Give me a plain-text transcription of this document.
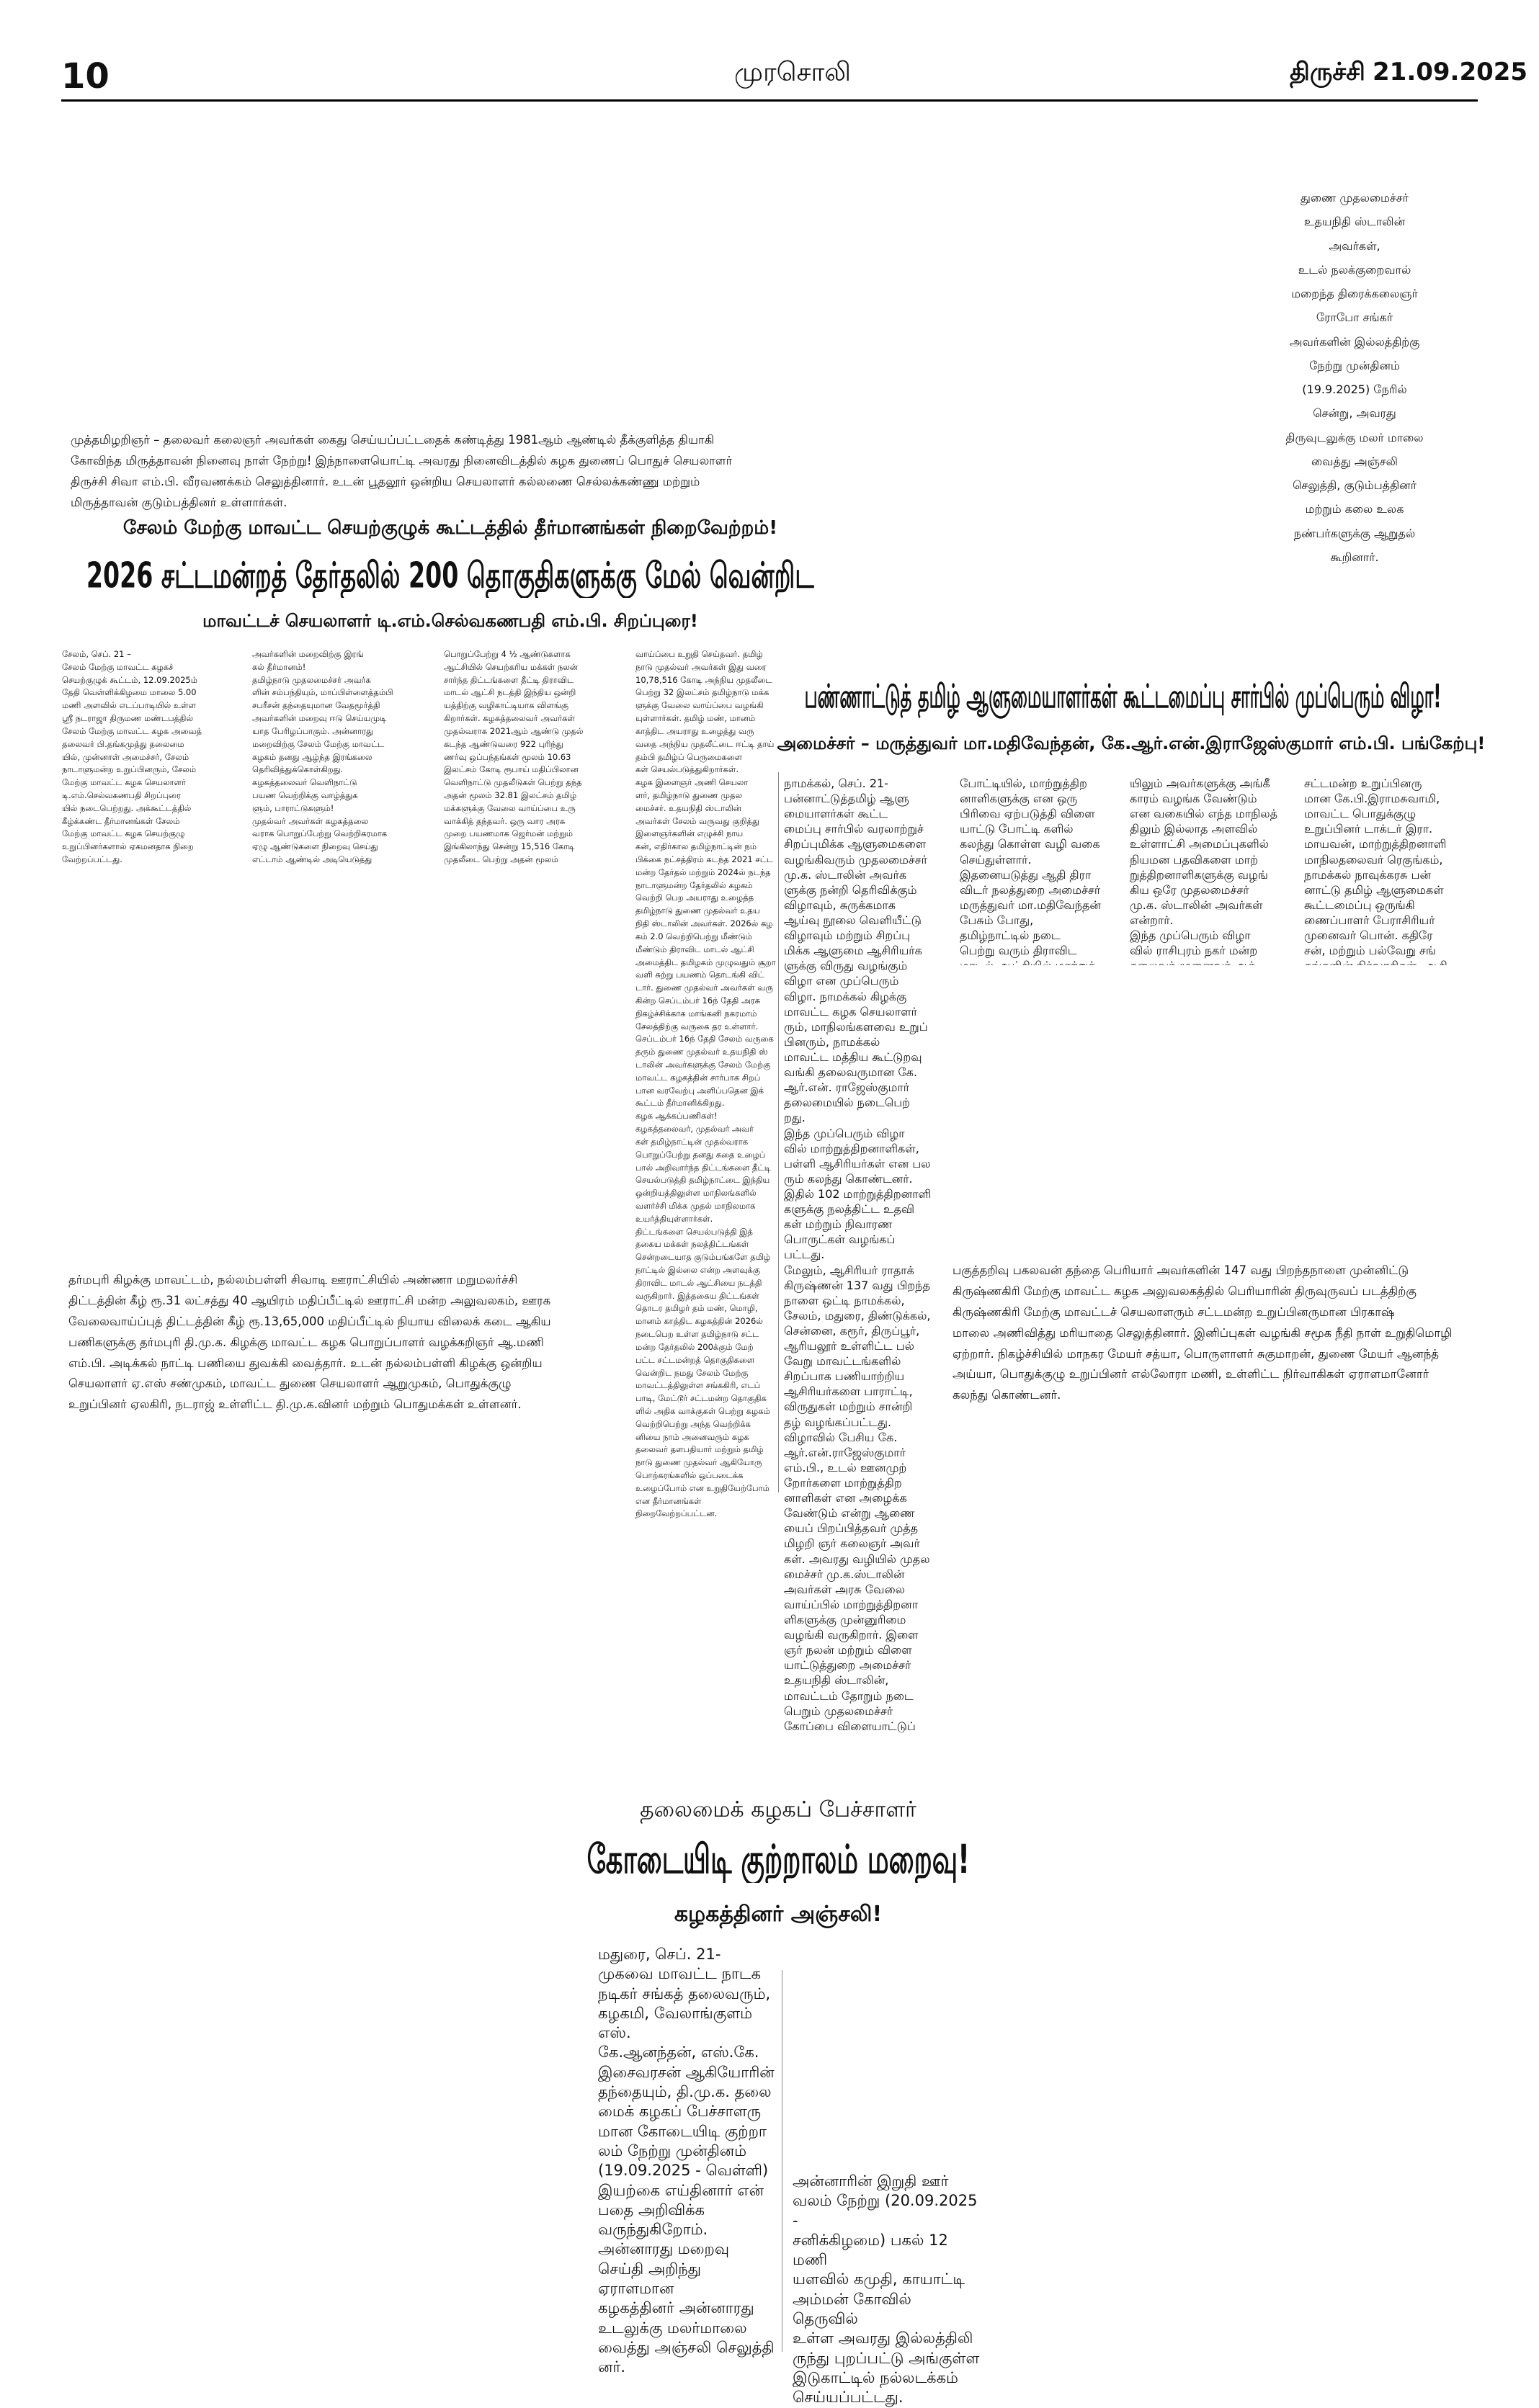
10	முரசொலி	திருச்சி 21.09.2025
துணை முதலமைச்சர்
உதயநிதி ஸ்டாலின்
அவர்கள்,
உடல் நலக்குறைவால்
மறைந்த திரைக்கலைஞர்
ரோபோ சங்கர்
அவர்களின் இல்லத்திற்கு
நேற்று முன்தினம்
(19.9.2025) நேரில்
சென்று, அவரது
திருவுடலுக்கு மலர் மாலை
வைத்து அஞ்சலி
செலுத்தி, குடும்பத்தினர்
மற்றும் கலை உலக
நண்பர்களுக்கு ஆறுதல்
கூறினார்.
முத்தமிழறிஞர் – தலைவர் கலைஞர் அவர்கள் கைது செய்யப்பட்டதைக் கண்டித்து 1981ஆம் ஆண்டில் தீக்குளித்த தியாகி
கோவிந்த மிருத்தாவன் நினைவு நாள் நேற்று! இந்நாளையொட்டி அவரது நினைவிடத்தில் கழக துணைப் பொதுச் செயலாளர்
திருச்சி சிவா எம்.பி. வீரவணக்கம் செலுத்தினார். உடன் பூதலூர் ஒன்றிய செயலாளர் கல்லணை செல்லக்கண்ணு மற்றும்
மிருத்தாவன் குடும்பத்தினர் உள்ளார்கள்.
சேலம் மேற்கு மாவட்ட செயற்குழுக் கூட்டத்தில் தீர்மானங்கள் நிறைவேற்றம்!
2026 சட்டமன்றத் தேர்தலில் 200 தொகுதிகளுக்கு மேல் வென்றிட
மாவட்டச் செயலாளர் டி.எம்.செல்வகணபதி எம்.பி. சிறப்புரை!
சேலம், செப். 21 –
சேலம் மேற்கு மாவட்ட கழகச்
செயற்குழுக் கூட்டம், 12.09.2025ம்
தேதி வெள்ளிக்கிழமை மாலை 5.00
மணி அளவில் எடப்பாடியில் உள்ள
ஸ்ரீ நடராஜா திருமண மண்டபத்தில்
சேலம் மேற்கு மாவட்ட கழக அவைத்
தலைவர் பி.தங்கமுத்து தலைமை
யில், முன்னாள் அமைச்சர், சேலம்
நாடாளுமன்ற உறுப்பினரும், சேலம்
மேற்கு மாவட்ட கழக செயலாளர்
டி.எம்.செல்வகணபதி சிறப்புரை
யில் நடைபெற்றது. அக்கூட்டத்தில்
கீழ்க்கண்ட தீர்மானங்கள் சேலம்
மேற்கு மாவட்ட கழக செயற்குழு
உறுப்பினர்களால் ஏகமனதாக நிறை
வேற்றப்பட்டது.

அவர்களின் மறைவிற்கு இரங்
கல் தீர்மானம்!
தமிழ்நாடு முதலமைச்சர் அவர்க
ளின் சம்பந்தியும், மாப்பிள்ளைத்தம்பி
சபரீசன் தந்தையுமான வேதமூர்த்தி
அவர்களின் மறைவு ஈடு செய்யமுடி
யாத பேரிழப்பாகும். அன்னாரது
மறைவிற்கு சேலம் மேற்கு மாவட்ட
கழகம் தனது ஆழ்ந்த இரங்கலை
தெரிவித்துக்கொள்கிறது.
கழகத்தலைவர் வெளிநாட்டு
பயண வெற்றிக்கு வாழ்த்துக
ளும், பாராட்டுகளும்!
முதல்வர் அவர்கள் கழகத்தலை
வராக பொறுப்பேற்று வெற்றிகரமாக
ஏழு ஆண்டுகளை நிறைவு செய்து
எட்டாம் ஆண்டில் அடியெடுத்து

பொறுப்பேற்று 4 ½ ஆண்டுகளாக
ஆட்சியில் செயற்கரிய மக்கள் நலன்
சார்ந்த திட்டங்களை தீட்டி திராவிட
மாடல் ஆட்சி நடத்தி இந்திய ஒன்றி
யத்திற்கு வழிகாட்டியாக விளங்கு
கிறார்கள். கழகத்தலைவர் அவர்கள்
முதல்வராக 2021ஆம் ஆண்டு முதல்
கடந்த ஆண்டுவரை 922 புரிந்து
ணர்வு ஒப்பந்தங்கள் மூலம் 10.63
இலட்சம் கோடி ரூபாய் மதிப்பிலான
வெளிநாட்டு முதலீடுகள் பெற்று தந்த
அதன் மூலம் 32.81 இலட்சம் தமிழ்
மக்களுக்கு வேலை வாய்ப்பை உரு
வாக்கித் தந்தவர். ஒரு வார அரசு
முறை பயணமாக ஜெர்மன் மற்றும்
இங்கிலாந்து சென்று 15,516 கோடி
முதலீடை பெற்று அதன் மூலம்

வாய்ப்பை உறுதி செய்தவர். தமிழ்
நாடு முதல்வர் அவர்கள் இது வரை
10,78,516 கோடி அந்நிய முதலீடை
பெற்று 32 இலட்சம் தமிழ்நாடு மக்க
ளுக்கு வேலை வாய்ப்பை வழங்கி
யுள்ளார்கள். தமிழ் மண், மானம்
காத்திட அயராது உழைத்து வரு
வதை அந்நிய முதலீட்டை ஈட்டி தாய்
தம்பி தமிழ்ப் பெருமைகளை
கள் செயல்படுத்துகிறார்கள்.
கழக இளைஞர் அணி செயலா
ளர், தமிழ்நாடு துணை முதல
மைச்சர். உதயநிதி ஸ்டாலின்
அவர்கள் சேலம் வருவது குறித்து
இளைஞர்களின் எழுச்சி நாய
கன், எதிர்கால தமிழ்நாட்டின் நம்
பிக்கை நட்சத்திரம் கடந்த 2021 சட்ட
மன்ற தேர்தல் மற்றும் 2024ல் நடந்த
நாடாளுமன்ற தேர்தலில் கழகம்
வெற்றி பெற அயராது உழைத்த
தமிழ்நாடு துணை முதல்வர் உதய
நிதி ஸ்டாலின் அவர்கள். 2026ல் கழ
கம் 2.0 வெற்றிபெற்று மீண்டும்
மீண்டும் திராவிட மாடல் ஆட்சி
அமைத்திட தமிழகம் முழுவதும் சூறா
வளி சுற்று பயணம் தொடங்கி விட்
டார். துணை முதல்வர் அவர்கள் வரு
கின்ற செப்டம்பர் 16ந் தேதி அரசு
நிகழ்ச்சிக்காக மாங்கனி நகரமாம்
சேலத்திற்கு வருகை தர உள்ளார்.
செப்டம்பர் 16ந் தேதி சேலம் வருகை
தரும் துணை முதல்வர் உதயநிதி ஸ்
டாலின் அவர்களுக்கு சேலம் மேற்கு
மாவட்ட கழகத்தின் சார்பாக சிறப்
பான வரவேற்பு அளிப்பதென இக்
கூட்டம் தீர்மானிக்கிறது.
கழக ஆக்கப்பணிகள்!
கழகத்தலைவர், முதல்வர் அவர்
கள் தமிழ்நாட்டின் முதல்வராக
பொறுப்பேற்று தனது கதை உழைப்
பால் அறிவார்ந்த திட்டங்களை தீட்டி
செயல்படுத்தி தமிழ்நாட்டை இந்திய
ஒன்றியத்திலுள்ள மாநிலங்களில்
வளர்ச்சி மிக்க முதல் மாநிலமாக
உயர்த்தியுள்ளார்கள்.
திட்டங்களை செயல்படுத்தி இத்
தகைய மக்கள் நலத்திட்டங்கள்
சென்றடையாத குடும்பங்களே தமிழ்
நாட்டில் இல்லை என்ற அளவுக்கு
திராவிட மாடல் ஆட்சியை நடத்தி
வருகிறார். இத்தகைய திட்டங்கள்
தொடர தமிழர் தம் மண், மொழி,
மானம் காத்திட கழகத்தின் 2026ல்
நடைபெற உள்ள தமிழ்நாடு சட்ட
மன்ற தேர்தலில் 200க்கும் மேற்
பட்ட சட்டமன்றத் தொகுதிகளை
வென்றிட நமது சேலம் மேற்கு
மாவட்டத்திலுள்ள சங்ககிரி, எடப்
பாடி, மேட்டூர் சட்டமன்ற தொகுதிக
ளில் அதிக வாக்குகள் பெற்று கழகம்
வெற்றிபெற்று அந்த வெற்றிக்க
னியை நாம் அனைவரும் கழக
தலைவர் தளபதியார் மற்றும் தமிழ்
நாடு துணை முதல்வர் ஆகியோரு
பொற்கரங்களில் ஒப்படைக்க
உழைப்போம் என உறுதியேற்போம்
என தீர்மானங்கள்
நிறைவேற்றப்பட்டன.
தர்மபுரி கிழக்கு மாவட்டம், நல்லம்பள்ளி சிவாடி ஊராட்சியில் அண்ணா மறுமலர்ச்சி
திட்டத்தின் கீழ் ரூ.31 லட்சத்து 40 ஆயிரம் மதிப்பீட்டில் ஊராட்சி மன்ற அலுவலகம், ஊரக
வேலைவாய்ப்புத் திட்டத்தின் கீழ் ரூ.13,65,000 மதிப்பீட்டில் நியாய விலைக் கடை ஆகிய
பணிகளுக்கு தர்மபுரி தி.மு.க. கிழக்கு மாவட்ட கழக பொறுப்பாளர் வழக்கறிஞர் ஆ.மணி
எம்.பி. அடிக்கல் நாட்டி பணியை துவக்கி வைத்தார். உடன் நல்லம்பள்ளி கிழக்கு ஒன்றிய
செயலாளர் ஏ.எஸ் சண்முகம், மாவட்ட துணை செயலாளர் ஆறுமுகம், பொதுக்குழு
உறுப்பினர் ஏலகிரி, நடராஜ் உள்ளிட்ட தி.மு.க.வினர் மற்றும் பொதுமக்கள் உள்ளனர்.
பண்ணாட்டுத் தமிழ் ஆளுமையாளர்கள் கூட்டமைப்பு சார்பில் முப்பெரும் விழா!
அமைச்சர் – மருத்துவர் மா.மதிவேந்தன், கே.ஆர்.என்.இராஜேஸ்குமார் எம்.பி. பங்கேற்பு!
நாமக்கல், செப். 21-
பன்னாட்டுத்தமிழ் ஆளு
மையாளர்கள் கூட்ட
மைப்பு சார்பில் வரலாற்றுச்
சிறப்புமிக்க ஆளுமைகளை
வழங்கிவரும் முதலமைச்சர்
மு.க. ஸ்டாலின் அவர்க
ளுக்கு நன்றி தெரிவிக்கும்
விழாவும், சுருக்கமாக
ஆய்வு நூலை வெளியீட்டு
விழாவும் மற்றும் சிறப்பு
மிக்க ஆளுமை ஆசிரியர்க
ளுக்கு விருது வழங்கும்
விழா என முப்பெரும்
விழா. நாமக்கல் கிழக்கு
மாவட்ட கழக செயலாளர்
ரும், மாநிலங்களவை உறுப்
பினரும், நாமக்கல்
மாவட்ட மத்திய கூட்டுறவு
வங்கி தலைவருமான கே.
ஆர்.என். ராஜேஸ்குமார்
தலைமையில் நடைபெற்
றது.
இந்த முப்பெரும் விழா
வில் மாற்றுத்திறனாளிகள்,
பள்ளி ஆசிரியர்கள் என பல
ரும் கலந்து கொண்டனர்.
இதில் 102 மாற்றுத்திறனாளி
களுக்கு நலத்திட்ட உதவி
கள் மற்றும் நிவாரண
பொருட்கள் வழங்கப்
பட்டது.
மேலும், ஆசிரியர் ராதாக்
கிருஷ்ணன் 137 வது பிறந்த
நாளை ஒட்டி நாமக்கல்,
சேலம், மதுரை, திண்டுக்கல்,
சென்னை, கரூர், திருப்பூர்,
ஆரியலூர் உள்ளிட்ட பல்
வேறு மாவட்டங்களில்
சிறப்பாக பணியாற்றிய
ஆசிரியர்களை பாராட்டி,
விருதுகள் மற்றும் சான்றி
தழ் வழங்கப்பட்டது.
விழாவில் பேசிய கே.
ஆர்.என்.ராஜேஸ்குமார்
எம்.பி., உடல் ஊனமுற்
றோர்களை மாற்றுத்திற
னாளிகள் என அழைக்க
வேண்டும் என்று ஆணை
யைப் பிறப்பித்தவர் முத்த
மிழறி ஞர் கலைஞர் அவர்
கள். அவரது வழியில் முதல
மைச்சர் மு.க.ஸ்டாலின்
அவர்கள் அரசு வேலை
வாய்ப்பில் மாற்றுத்திறனா
ளிகளுக்கு முன்னுரிமை
வழங்கி வருகிறார். இளை
ஞர் நலன் மற்றும் விளை
யாட்டுத்துறை அமைச்சர்
உதயநிதி ஸ்டாலின்,
மாவட்டம் தோறும் நடை
பெறும் முதலமைச்சர்
கோப்பை விளையாட்டுப்
போட்டியில், மாற்றுத்திற
னாளிகளுக்கு என ஒரு
பிரிவை ஏற்படுத்தி விளை
யாட்டு போட்டி களில்
கலந்து கொள்ள வழி வகை
செய்துள்ளார்.
இதனையடுத்து ஆதி திரா
விடர் நலத்துறை அமைச்சர்
மருத்துவர் மா.மதிவேந்தன்
பேசும் போது,
தமிழ்நாட்டில் நடை
பெற்று வரும் திராவிட

யிலும் அவர்களுக்கு அங்கீ
காரம் வழங்க வேண்டும்
என வகையில் எந்த மாநிலத்
திலும் இல்லாத அளவில்
உள்ளாட்சி அமைப்புகளில்
நியமன பதவிகளை மாற்
றுத்திறனாளிகளுக்கு வழங்
கிய ஒரே முதலமைச்சர்
மு.க. ஸ்டாலின் அவர்கள்
என்றார்.
இந்த முப்பெரும் விழா
வில் ராசிபுரம் நகர் மன்ற

சட்டமன்ற உறுப்பினரு
மான கே.பி.இராமசுவாமி,
மாவட்ட பொதுக்குழு
உறுப்பினர் டாக்டர் இரா.
மாயவன், மாற்றுத்திறனாளி
மாநிலதலைவர் ரெகுங்கம்,
நாமக்கல் நாவுக்கரசு பன்
னாட்டு தமிழ் ஆளுமைகள்
கூட்டமைப்பு ஒருங்கி
ணைப்பாளர் பேராசிரியர்
முனைவர் பொன். கதிரே
சன், மற்றும் பல்வேறு சங்

பகுத்தறிவு பகலவன் தந்தை பெரியார் அவர்களின் 147 வது பிறந்தநாளை முன்னிட்டு
கிருஷ்ணகிரி மேற்கு மாவட்ட கழக அலுவலகத்தில் பெரியாரின் திருவுருவப் படத்திற்கு
கிருஷ்ணகிரி மேற்கு மாவட்டச் செயலாளரும் சட்டமன்ற உறுப்பினருமான பிரகாஷ்
மாலை அணிவித்து மரியாதை செலுத்தினார். இனிப்புகள் வழங்கி சமூக நீதி நாள் உறுதிமொழி
ஏற்றார். நிகழ்ச்சியில் மாநகர மேயர் சத்யா, பொருளாளர் சுகுமாறன், துணை மேயர் ஆனந்த்
அய்யா, பொதுக்குழு உறுப்பினர் எல்லோரா மணி, உள்ளிட்ட நிர்வாகிகள் ஏராளமானோர்
கலந்து கொண்டனர்.
தலைமைக் கழகப் பேச்சாளர்
கோடையிடி குற்றாலம் மறைவு!
கழகத்தினர் அஞ்சலி!
மதுரை, செப். 21-
முகவை மாவட்ட நாடக
நடிகர் சங்கத் தலைவரும்,
கழகமி, வேலாங்குளம் எஸ்.
கே.ஆனந்தன், எஸ்.கே.
இசைவரசன் ஆகியோரின்
தந்தையும், தி.மு.க. தலை
மைக் கழகப் பேச்சாளரு
மான கோடையிடி குற்றா
லம் நேற்று முன்தினம்
(19.09.2025 - வெள்ளி)
இயற்கை எய்தினார் என்
பதை அறிவிக்க
வருந்துகிறோம்.
அன்னாரது மறைவு
செய்தி அறிந்து ஏராளமான
கழகத்தினர் அன்னாரது
உடலுக்கு மலர்மாலை
வைத்து அஞ்சலி செலுத்தி
னர்.
அன்னாரின் இறுதி ஊர்
வலம் நேற்று (20.09.2025 -
சனிக்கிழமை) பகல் 12 மணி
யளவில் கமுதி, காயாட்டி
அம்மன் கோவில் தெருவில்
உள்ள அவரது இல்லத்திலி
ருந்து புறப்பட்டு அங்குள்ள
இடுகாட்டில் நல்லடக்கம்
செய்யப்பட்டது.
